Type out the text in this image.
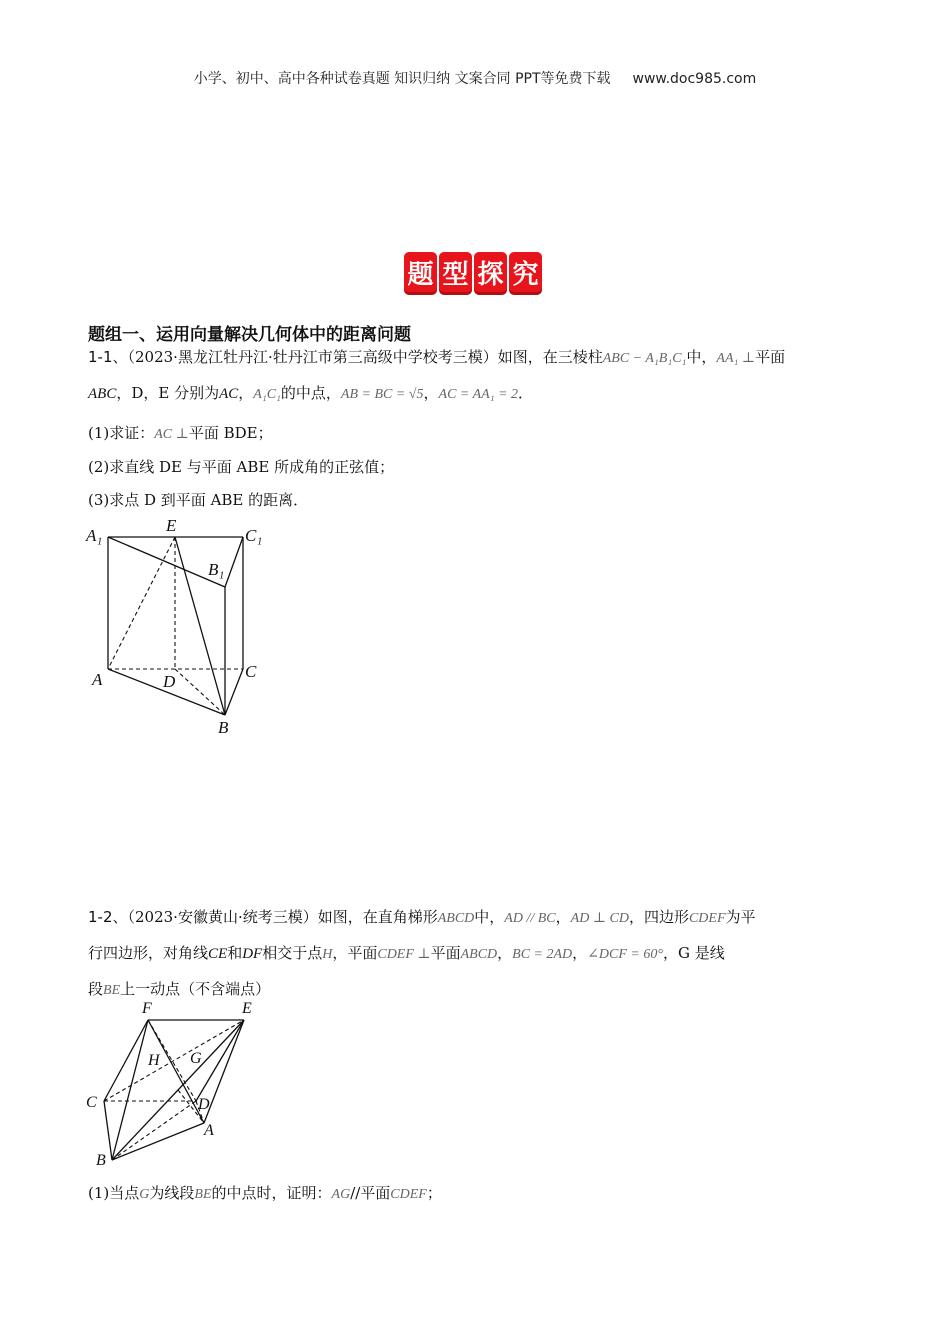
小学、初中、高中各种试卷真题 知识归纳 文案合同 PPT等免费下载 www.doc985.com
题 型 探 究
题组一、运用向量解决几何体中的距离问题
1-1、（2023·黑龙江牡丹江·牡丹江市第三高级中学校考三模）如图，在三棱柱ABC − A₁B₁C₁中，AA₁ ⊥平面
ABC，D，E 分别为AC，A₁C₁的中点，AB = BC = √5，AC = AA₁ = 2．
(1)求证：AC ⊥平面 BDE；
(2)求直线 DE 与平面 ABE 所成角的正弦值；
(3)求点 D 到平面 ABE 的距离．
A₁
E
C₁
B₁
A	D
C
B
1-2、（2023·安徽黄山·统考三模）如图，在直角梯形ABCD中，AD // BC，AD ⊥ CD，四边形CDEF为平
行四边形，对角线CE和DF相交于点H，平面CDEF ⊥平面ABCD，BC = 2AD，∠DCF = 60°，G 是线
段BE上一动点（不含端点）
F	E
H G
C	D
A
B
(1)当点G为线段BE的中点时，证明：AG//平面CDEF；
